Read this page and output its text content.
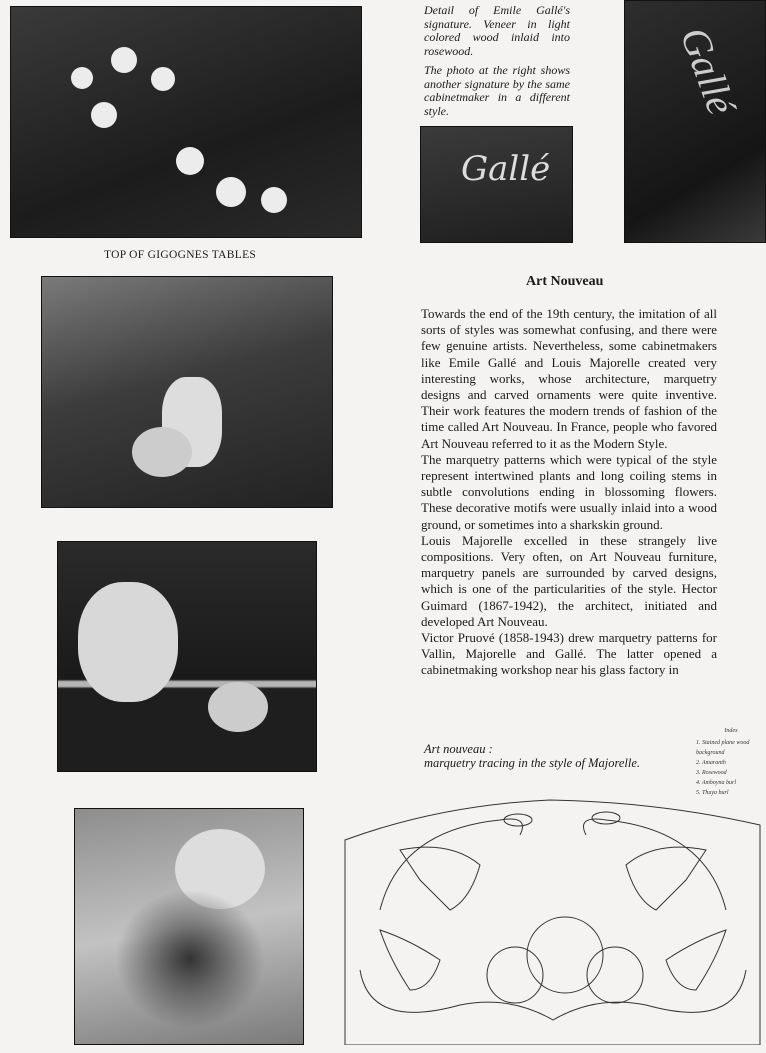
Gallé
Gallé

Detail of Emile Gallé's signature. Veneer in light colored wood inlaid into rosewood.

The photo at the right shows another signature by the same cabinetmaker in a different style.

TOP OF GIGOGNES TABLES
Art Nouveau

Towards the end of the 19th century, the imitation of all sorts of styles was somewhat confusing, and there were few genuine artists. Nevertheless, some cabinetmakers like Emile Gallé and Louis Majorelle created very interesting works, whose architecture, marquetry designs and carved ornaments were quite inventive. Their work features the modern trends of fashion of the time called Art Nouveau. In France, people who favored Art Nouveau referred to it as the Modern Style.

The marquetry patterns which were typical of the style represent intertwined plants and long coiling stems in subtle convolutions ending in blossoming flowers. These decorative motifs were usually inlaid into a wood ground, or sometimes into a sharkskin ground.

Louis Majorelle excelled in these strangely live compositions. Very often, on Art Nouveau furniture, marquetry panels are surrounded by carved designs, which is one of the particularities of the style. Hector Guimard (1867-1942), the architect, initiated and developed Art Nouveau.

Victor Pruové (1858-1943) drew marquetry patterns for Vallin, Majorelle and Gallé. The latter opened a cabinetmaking workshop near his glass factory in

Art nouveau :
marquetry tracing in the style of Majorelle.
Index
1. Stained plane wood background
2. Amaranth
3. Rosewood
4. Amboyna burl
5. Thuya burl
